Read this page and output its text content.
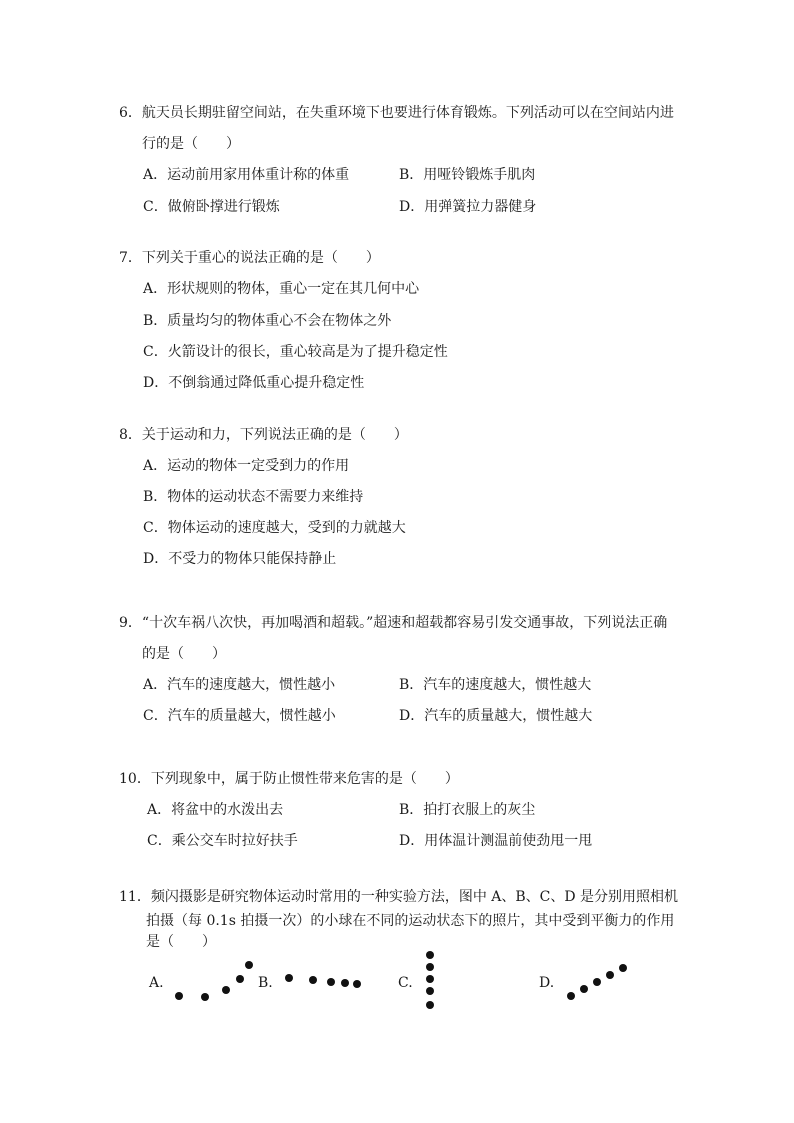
6．航天员长期驻留空间站，在失重环境下也要进行体育锻炼。下列活动可以在空间站内进
行的是（　　）
A．运动前用家用体重计称的体重	B．用哑铃锻炼手肌肉
C．做俯卧撑进行锻炼	D．用弹簧拉力器健身
7．下列关于重心的说法正确的是（　　）
A．形状规则的物体，重心一定在其几何中心
B．质量均匀的物体重心不会在物体之外
C．火箭设计的很长，重心较高是为了提升稳定性
D．不倒翁通过降低重心提升稳定性
8．关于运动和力，下列说法正确的是（　　）
A．运动的物体一定受到力的作用
B．物体的运动状态不需要力来维持
C．物体运动的速度越大，受到的力就越大
D．不受力的物体只能保持静止
9．“十次车祸八次快，再加喝酒和超载。”超速和超载都容易引发交通事故，下列说法正确
的是（　　）
A．汽车的速度越大，惯性越小	B．汽车的速度越大，惯性越大
C．汽车的质量越大，惯性越小	D．汽车的质量越大，惯性越大
10．下列现象中，属于防止惯性带来危害的是（　　）
A．将盆中的水泼出去	B．拍打衣服上的灰尘
C．乘公交车时拉好扶手	D．用体温计测温前使劲甩一甩
11．频闪摄影是研究物体运动时常用的一种实验方法，图中 A、B、C、D 是分别用照相机
拍摄（每 0.1s 拍摄一次）的小球在不同的运动状态下的照片，其中受到平衡力的作用
是（　　）
A.	B.	C.	D.
